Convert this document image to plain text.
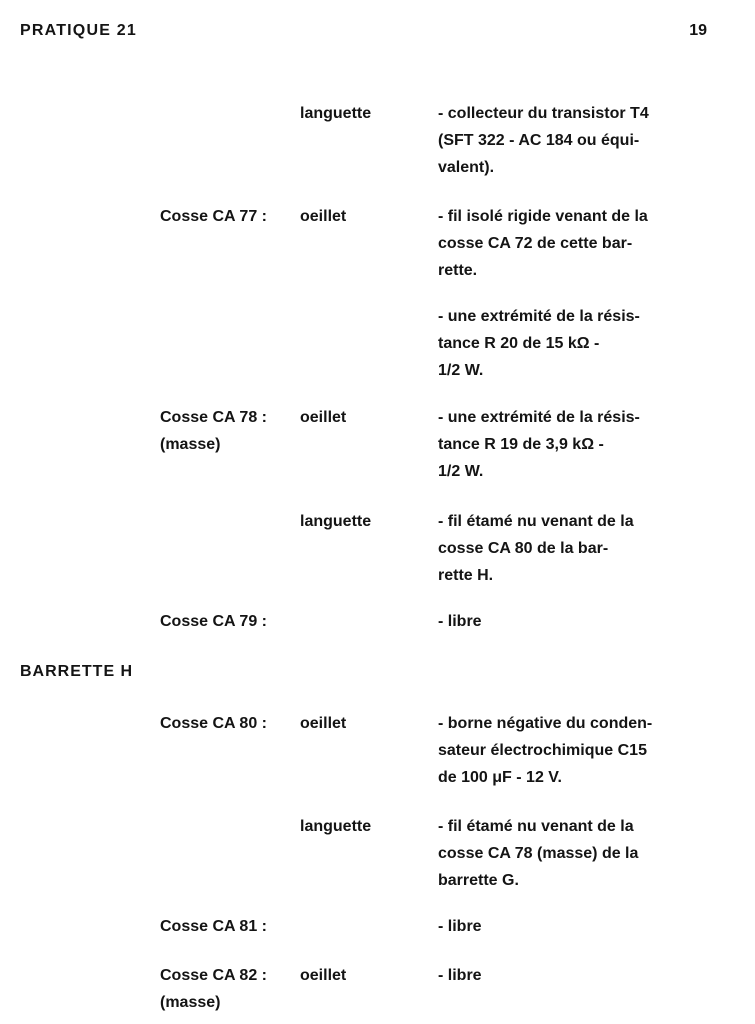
PRATIQUE 21	19
languette	- collecteur du transistor T4
(SFT 322 - AC 184 ou équi-
valent).
Cosse CA 77 :	oeillet	- fil isolé rigide venant de la
cosse CA 72 de cette bar-
rette.
- une extrémité de la résis-
tance R 20 de 15 kΩ -
1/2 W.
Cosse CA 78 :
(masse)
oeillet	- une extrémité de la résis-
tance R 19 de 3,9 kΩ -
1/2 W.
languette	- fil étamé nu venant de la
cosse CA 80 de la bar-
rette H.
Cosse CA 79 :	- libre
BARRETTE H
Cosse CA 80 :	oeillet	- borne négative du conden-
sateur électrochimique C15
de 100 μF - 12 V.
languette	- fil étamé nu venant de la
cosse CA 78 (masse) de la
barrette G.
Cosse CA 81 :	- libre
Cosse CA 82 :
(masse)
oeillet	- libre
